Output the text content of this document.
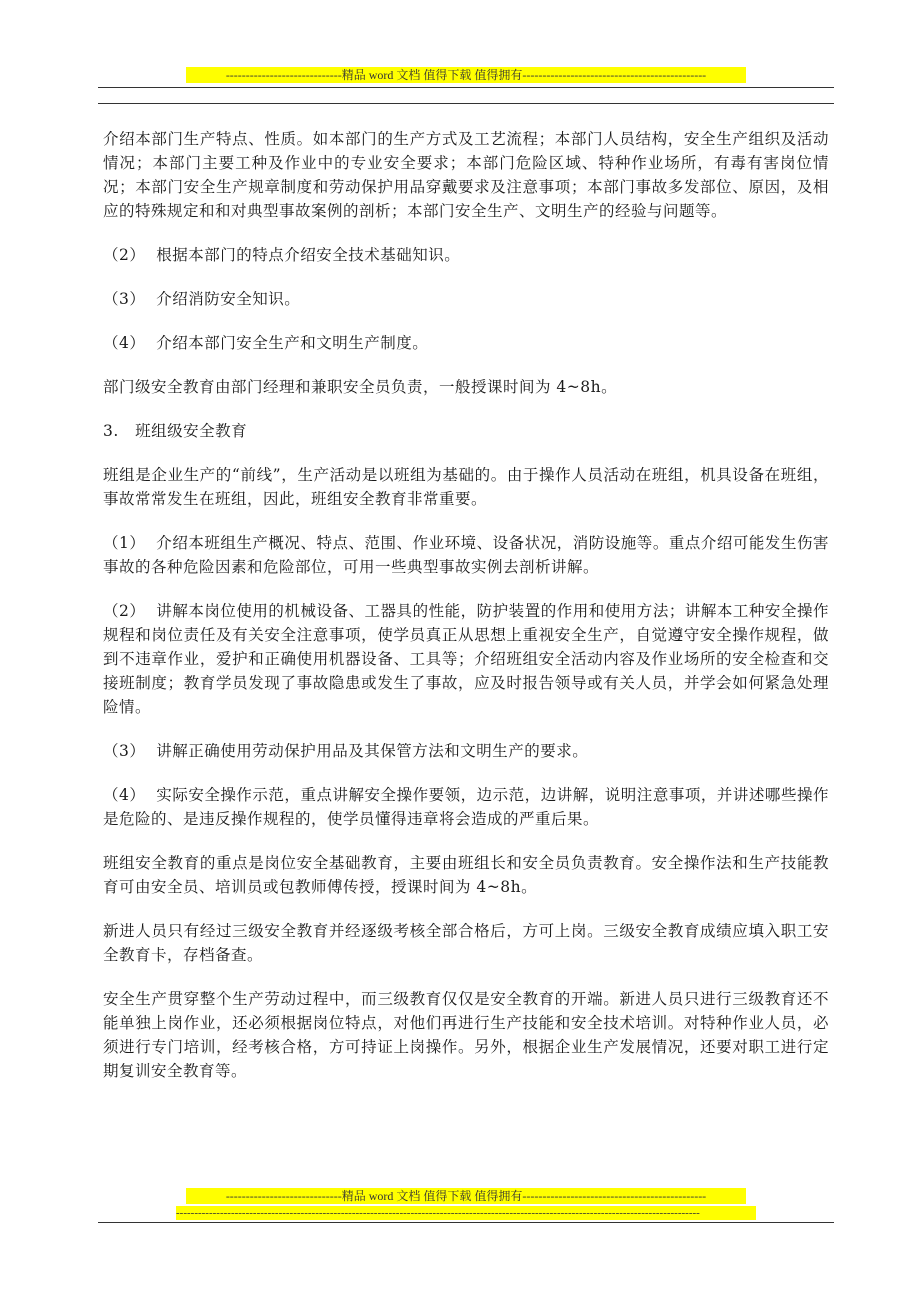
-----------------------------精品 word 文档 值得下载 值得拥有----------------------------------------------

介绍本部门生产特点、性质。如本部门的生产方式及工艺流程；本部门人员结构，安全生产组织及活动情况；本部门主要工种及作业中的专业安全要求；本部门危险区域、特种作业场所，有毒有害岗位情况；本部门安全生产规章制度和劳动保护用品穿戴要求及注意事项；本部门事故多发部位、原因，及相应的特殊规定和和对典型事故案例的剖析；本部门安全生产、文明生产的经验与问题等。

（2）  根据本部门的特点介绍安全技术基础知识。

（3）  介绍消防安全知识。

（4）  介绍本部门安全生产和文明生产制度。

部门级安全教育由部门经理和兼职安全员负责，一般授课时间为 4~8h。

3.   班组级安全教育

班组是企业生产的“前线”，生产活动是以班组为基础的。由于操作人员活动在班组，机具设备在班组，事故常常发生在班组，因此，班组安全教育非常重要。

（1）  介绍本班组生产概况、特点、范围、作业环境、设备状况，消防设施等。重点介绍可能发生伤害事故的各种危险因素和危险部位，可用一些典型事故实例去剖析讲解。

（2）  讲解本岗位使用的机械设备、工器具的性能，防护装置的作用和使用方法；讲解本工种安全操作规程和岗位责任及有关安全注意事项，使学员真正从思想上重视安全生产，自觉遵守安全操作规程，做到不违章作业，爱护和正确使用机器设备、工具等；介绍班组安全活动内容及作业场所的安全检查和交接班制度；教育学员发现了事故隐患或发生了事故，应及时报告领导或有关人员，并学会如何紧急处理险情。

（3）  讲解正确使用劳动保护用品及其保管方法和文明生产的要求。

（4）  实际安全操作示范，重点讲解安全操作要领，边示范，边讲解，说明注意事项，并讲述哪些操作是危险的、是违反操作规程的，使学员懂得违章将会造成的严重后果。

班组安全教育的重点是岗位安全基础教育，主要由班组长和安全员负责教育。安全操作法和生产技能教育可由安全员、培训员或包教师傅传授，授课时间为 4~8h。

新进人员只有经过三级安全教育并经逐级考核全部合格后，方可上岗。三级安全教育成绩应填入职工安全教育卡，存档备查。

安全生产贯穿整个生产劳动过程中，而三级教育仅仅是安全教育的开端。新进人员只进行三级教育还不能单独上岗作业，还必须根据岗位特点，对他们再进行生产技能和安全技术培训。对特种作业人员，必须进行专门培训，经考核合格，方可持证上岗操作。另外，根据企业生产发展情况，还要对职工进行定期复训安全教育等。

-----------------------------精品 word 文档 值得下载 值得拥有----------------------------------------------
-----------------------------------------------------------------------------------------------------------------------------------------------
